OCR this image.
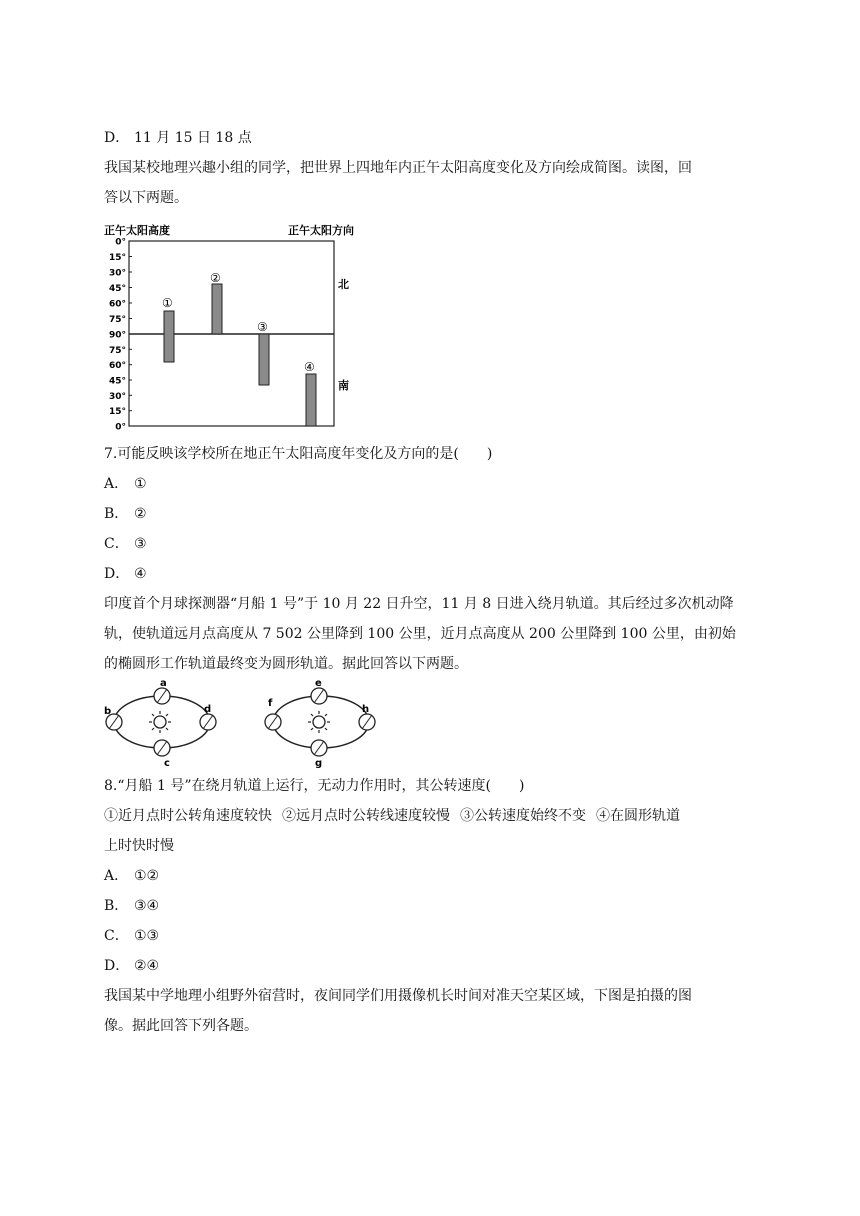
D． 11 月 15 日 18 点
我国某校地理兴趣小组的同学，把世界上四地年内正午太阳高度变化及方向绘成简图。读图，回
答以下两题。
正午太阳高度	正午太阳方向
0°
15°
30°
45°
60°
75°
90°
75°
60°
45°
30°
15°
0°
北
南
①
②
③
④
7.可能反映该学校所在地正午太阳高度年变化及方向的是(　　)
A． ①
B． ②
C． ③
D． ④
印度首个月球探测器“月船 1 号”于 10 月 22 日升空，11 月 8 日进入绕月轨道。其后经过多次机动降
轨，使轨道远月点高度从 7 502 公里降到 100 公里，近月点高度从 200 公里降到 100 公里，由初始
的椭圆形工作轨道最终变为圆形轨道。据此回答以下两题。
a
b
c
d
e
f
g
h
8.“月船 1 号”在绕月轨道上运行，无动力作用时，其公转速度(　　)
①近月点时公转角速度较快 ②远月点时公转线速度较慢 ③公转速度始终不变 ④在圆形轨道
上时快时慢
A． ①②
B． ③④
C． ①③
D． ②④
我国某中学地理小组野外宿营时，夜间同学们用摄像机长时间对准天空某区域，下图是拍摄的图
像。据此回答下列各题。
